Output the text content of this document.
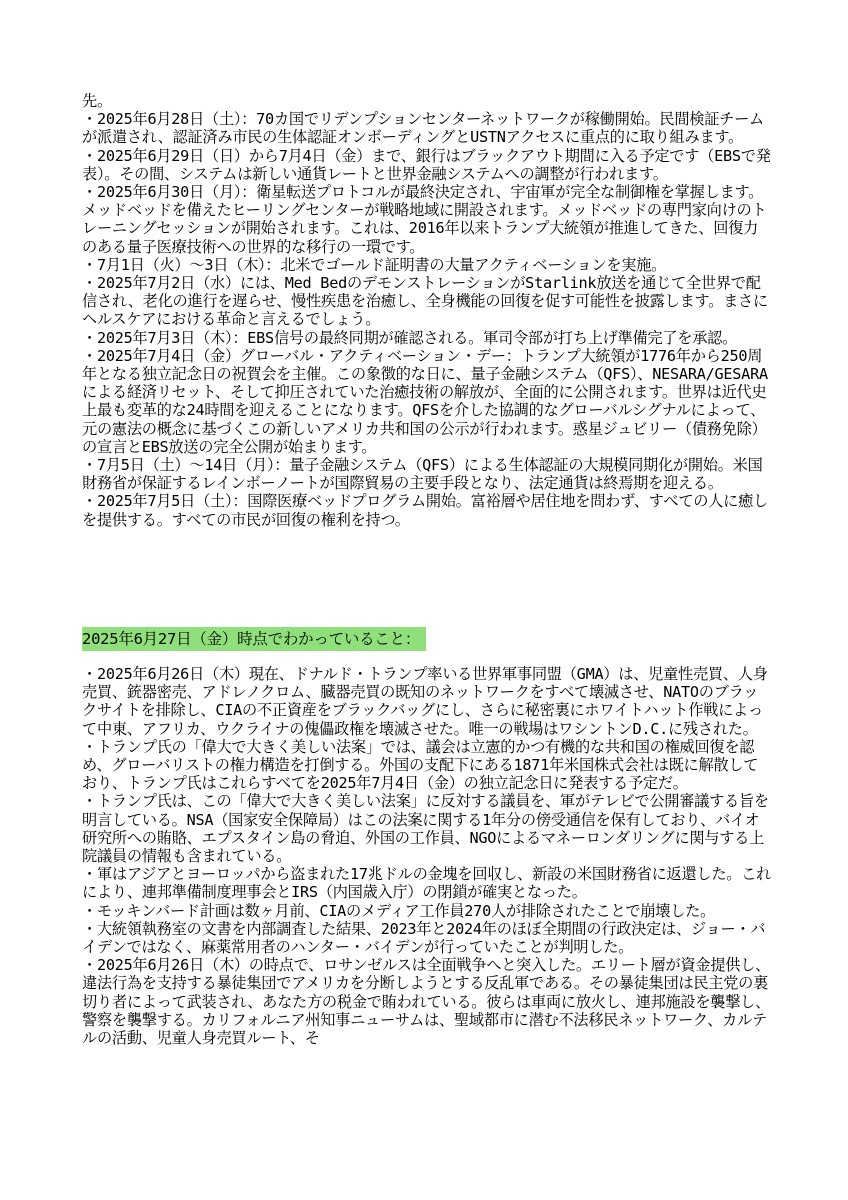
先。
・2025年6月28日（土）：70カ国でリデンプションセンターネットワークが稼働開始。民間検証チームが派遣され、認証済み市民の生体認証オンボーディングとUSTNアクセスに重点的に取り組みます。
・2025年6月29日（日）から7月4日（金）まで、銀行はブラックアウト期間に入る予定です（EBSで発表）。その間、システムは新しい通貨レートと世界金融システムへの調整が行われます。
・2025年6月30日（月）：衛星転送プロトコルが最終決定され、宇宙軍が完全な制御権を掌握します。メッドベッドを備えたヒーリングセンターが戦略地域に開設されます。メッドベッドの専門家向けのトレーニングセッションが開始されます。これは、2016年以来トランプ大統領が推進してきた、回復力のある量子医療技術への世界的な移行の一環です。
・7月1日（火）〜3日（木）：北米でゴールド証明書の大量アクティベーションを実施。
・2025年7月2日（水）には、Med BedのデモンストレーションがStarlink放送を通じて全世界で配信され、老化の進行を遅らせ、慢性疾患を治癒し、全身機能の回復を促す可能性を披露します。まさにヘルスケアにおける革命と言えるでしょう。
・2025年7月3日（木）：EBS信号の最終同期が確認される。軍司令部が打ち上げ準備完了を承認。
・2025年7月4日（金）グローバル・アクティベーション・デー：トランプ大統領が1776年から250周年となる独立記念日の祝賀会を主催。この象徴的な日に、量子金融システム（QFS）、NESARA/GESARAによる経済リセット、そして抑圧されていた治癒技術の解放が、全面的に公開されます。世界は近代史上最も変革的な24時間を迎えることになります。QFSを介した協調的なグローバルシグナルによって、元の憲法の概念に基づくこの新しいアメリカ共和国の公示が行われます。惑星ジュビリー（債務免除）の宣言とEBS放送の完全公開が始まります。
・7月5日（土）〜14日（月）：量子金融システム（QFS）による生体認証の大規模同期化が開始。米国財務省が保証するレインボーノートが国際貿易の主要手段となり、法定通貨は終焉期を迎える。
・2025年7月5日（土）：国際医療ベッドプログラム開始。富裕層や居住地を問わず、すべての人に癒しを提供する。すべての市民が回復の権利を持つ。
2025年6月27日（金）時点でわかっていること：
・2025年6月26日（木）現在、ドナルド・トランプ率いる世界軍事同盟（GMA）は、児童性売買、人身売買、銃器密売、アドレノクロム、臓器売買の既知のネットワークをすべて壊滅させ、NATOのブラックサイトを排除し、CIAの不正資産をブラックバッグにし、さらに秘密裏にホワイトハット作戦によって中東、アフリカ、ウクライナの傀儡政権を壊滅させた。唯一の戦場はワシントンD.C.に残された。
・トランプ氏の「偉大で大きく美しい法案」では、議会は立憲的かつ有機的な共和国の権威回復を認め、グローバリストの権力構造を打倒する。外国の支配下にある1871年米国株式会社は既に解散しており、トランプ氏はこれらすべてを2025年7月4日（金）の独立記念日に発表する予定だ。
・トランプ氏は、この「偉大で大きく美しい法案」に反対する議員を、軍がテレビで公開審議する旨を明言している。NSA（国家安全保障局）はこの法案に関する1年分の傍受通信を保有しており、バイオ研究所への賄賂、エプスタイン島の脅迫、外国の工作員、NGOによるマネーロンダリングに関与する上院議員の情報も含まれている。
・軍はアジアとヨーロッパから盗まれた17兆ドルの金塊を回収し、新設の米国財務省に返還した。これにより、連邦準備制度理事会とIRS（内国歳入庁）の閉鎖が確実となった。
・モッキンバード計画は数ヶ月前、CIAのメディア工作員270人が排除されたことで崩壊した。
・大統領執務室の文書を内部調査した結果、2023年と2024年のほぼ全期間の行政決定は、ジョー・バイデンではなく、麻薬常用者のハンター・バイデンが行っていたことが判明した。
・2025年6月26日（木）の時点で、ロサンゼルスは全面戦争へと突入した。エリート層が資金提供し、違法行為を支持する暴徒集団でアメリカを分断しようとする反乱軍である。その暴徒集団は民主党の裏切り者によって武装され、あなた方の税金で賄われている。彼らは車両に放火し、連邦施設を襲撃し、警察を襲撃する。カリフォルニア州知事ニューサムは、聖域都市に潜む不法移民ネットワーク、カルテルの活動、児童人身売買ルート、そ
